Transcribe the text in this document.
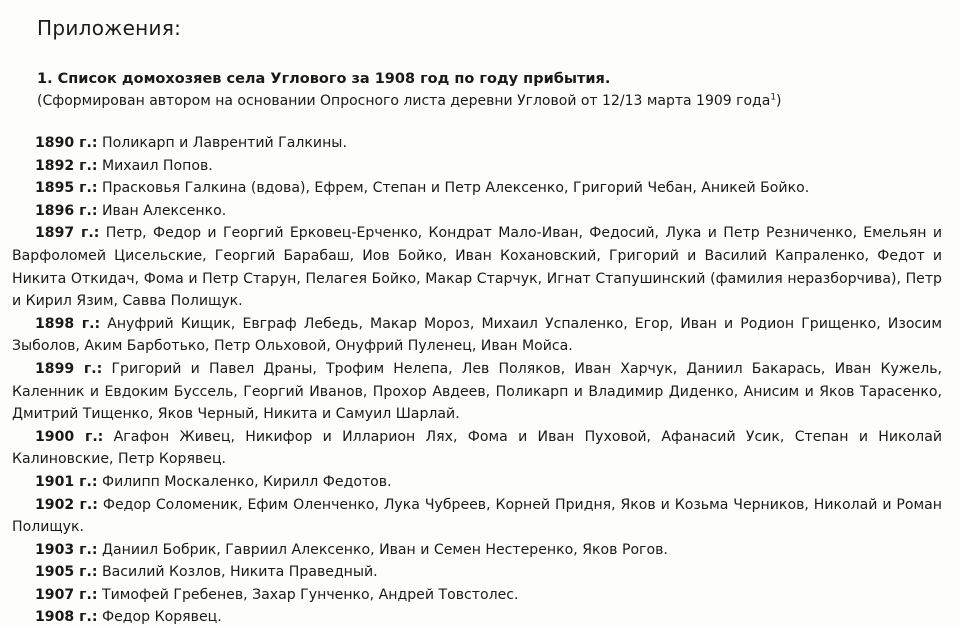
Приложения:
1. Список домохозяев села Углового за 1908 год по году прибытия.
(Сформирован автором на основании Опросного листа деревни Угловой от 12/13 марта 1909 года$^1$)

1890 г.: Поликарп и Лаврентий Галкины.

1892 г.: Михаил Попов.

1895 г.: Прасковья Галкина (вдова), Ефрем, Степан и Петр Алексенко, Григорий Чебан, Аникей Бойко.

1896 г.: Иван Алексенко.

1897 г.: Петр, Федор и Георгий Ерковец-Ерченко, Кондрат Мало-Иван, Федосий, Лука и Петр Резниченко, Емельян и Варфоломей Цисельские, Георгий Барабаш, Иов Бойко, Иван Кохановский, Григорий и Василий Капраленко, Федот и Никита Откидач, Фома и Петр Старун, Пелагея Бойко, Макар Старчук, Игнат Стапушинский (фамилия неразборчива), Петр и Кирил Язим, Савва Полищук.

1898 г.: Ануфрий Кищик, Евграф Лебедь, Макар Мороз, Михаил Успаленко, Егор, Иван и Родион Грищенко, Изосим Зыболов, Аким Барботько, Петр Ольховой, Онуфрий Пуленец, Иван Мойса.

1899 г.: Григорий и Павел Драны, Трофим Нелепа, Лев Поляков, Иван Харчук, Даниил Бакарась, Иван Кужель, Каленник и Евдоким Буссель, Георгий Иванов, Прохор Авдеев, Поликарп и Владимир Диденко, Анисим и Яков Тарасенко, Дмитрий Тищенко, Яков Черный, Никита и Самуил Шарлай.

1900 г.: Агафон Живец, Никифор и Илларион Лях, Фома и Иван Пуховой, Афанасий Усик, Степан и Николай Калиновские, Петр Корявец.

1901 г.: Филипп Москаленко, Кирилл Федотов.

1902 г.: Федор Соломеник, Ефим Оленченко, Лука Чубреев, Корней Придня, Яков и Козьма Черников, Николай и Роман Полищук.

1903 г.: Даниил Бобрик, Гавриил Алексенко, Иван и Семен Нестеренко, Яков Рогов.

1905 г.: Василий Козлов, Никита Праведный.

1907 г.: Тимофей Гребенев, Захар Гунченко, Андрей Товстолес.

1908 г.: Федор Корявец.
